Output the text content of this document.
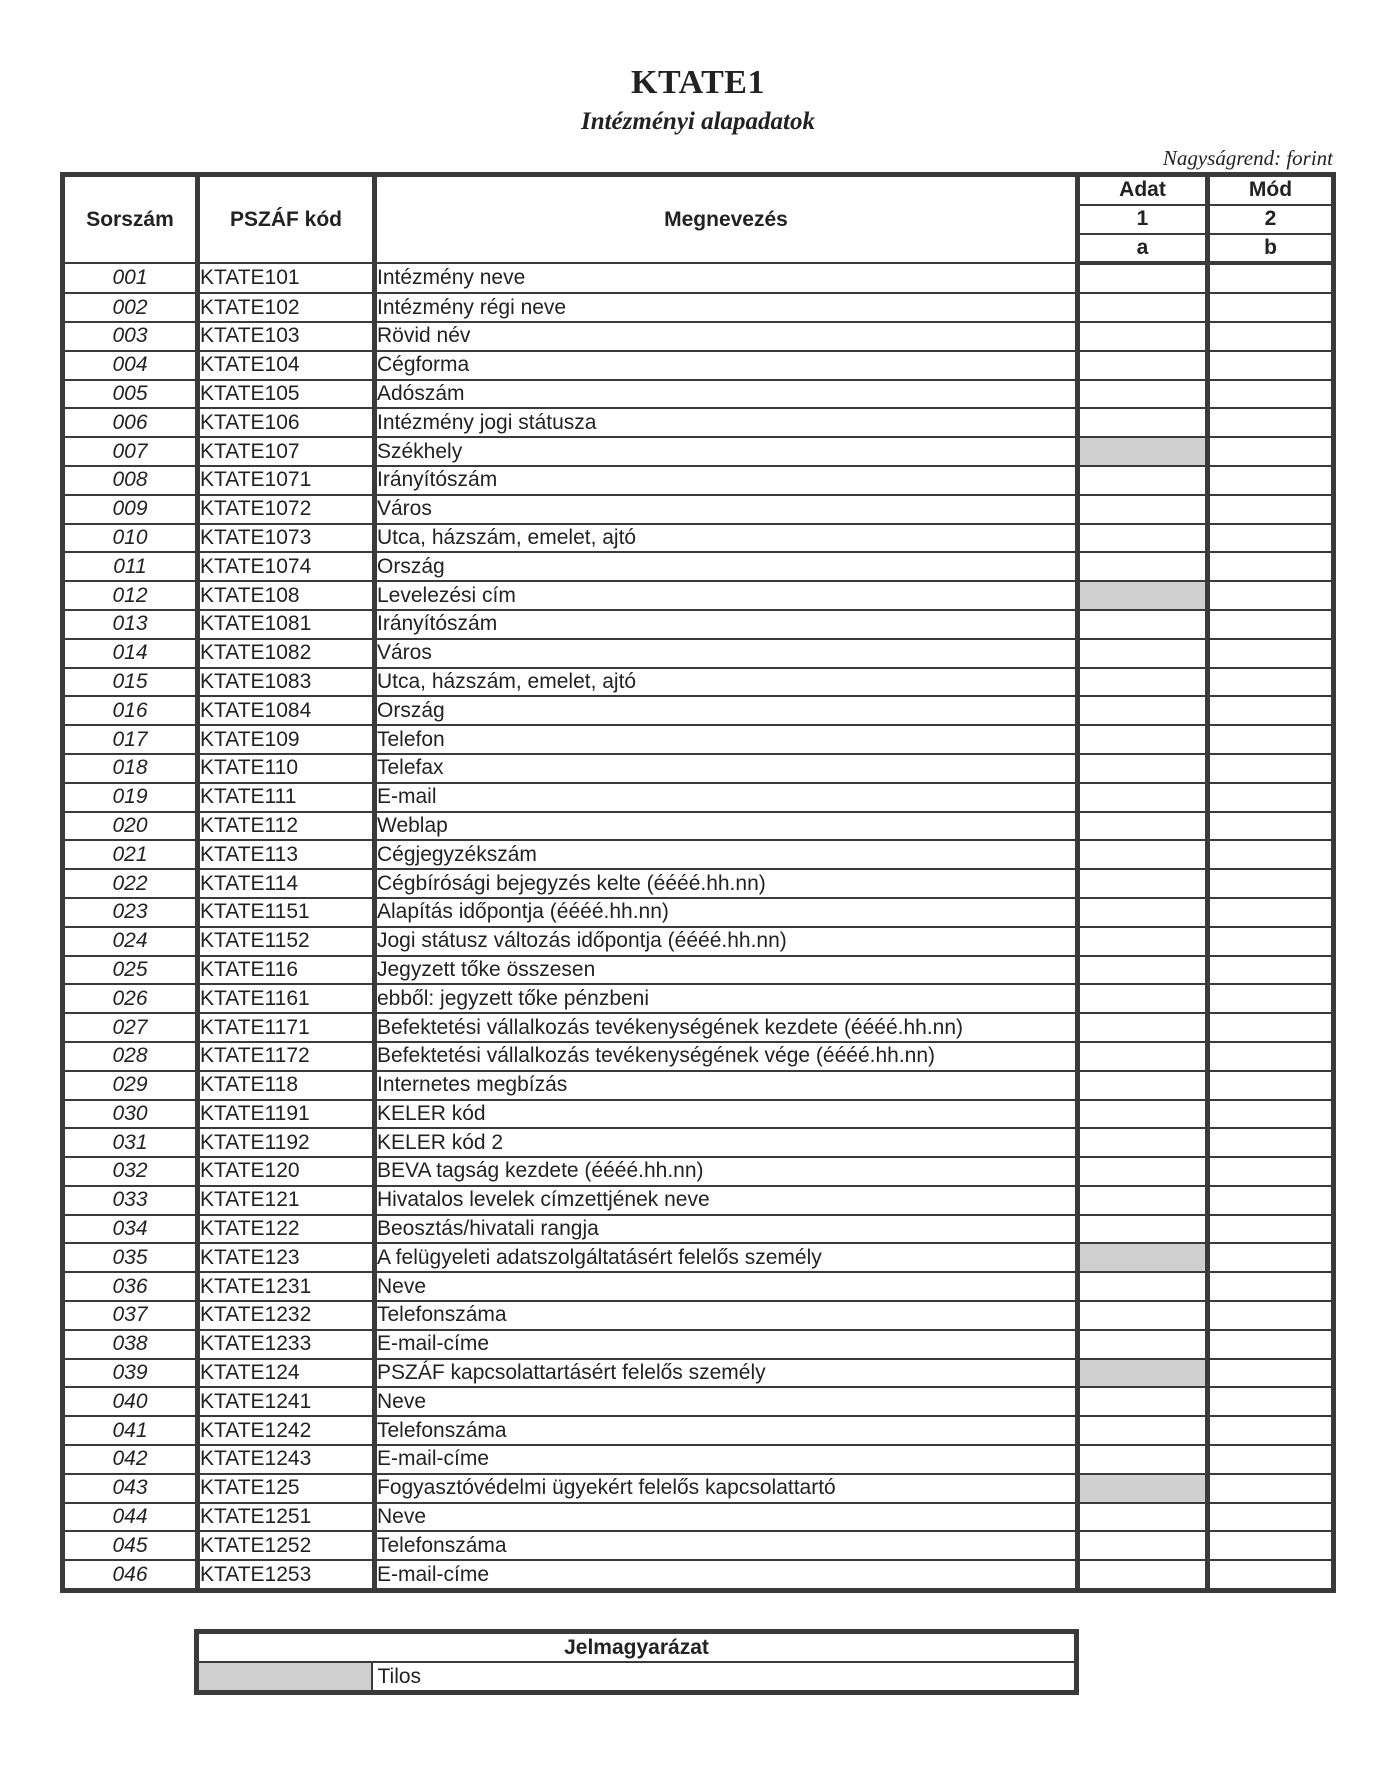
KTATE1
Intézményi alapadatok
Nagyságrend: forint
Sorszám	PSZÁF kód	Megnevezés	Adat	Mód
			1	2
			a	b
001	KTATE101	Intézmény neve		
002	KTATE102	Intézmény régi neve		
003	KTATE103	Rövid név		
004	KTATE104	Cégforma		
005	KTATE105	Adószám		
006	KTATE106	Intézmény jogi státusza		
007	KTATE107	Székhely		
008	KTATE1071	Irányítószám		
009	KTATE1072	Város		
010	KTATE1073	Utca, házszám, emelet, ajtó		
011	KTATE1074	Ország		
012	KTATE108	Levelezési cím		
013	KTATE1081	Irányítószám		
014	KTATE1082	Város		
015	KTATE1083	Utca, házszám, emelet, ajtó		
016	KTATE1084	Ország		
017	KTATE109	Telefon		
018	KTATE110	Telefax		
019	KTATE111	E-mail		
020	KTATE112	Weblap		
021	KTATE113	Cégjegyzékszám		
022	KTATE114	Cégbírósági bejegyzés kelte (éééé.hh.nn)		
023	KTATE1151	Alapítás időpontja (éééé.hh.nn)		
024	KTATE1152	Jogi státusz változás időpontja (éééé.hh.nn)		
025	KTATE116	Jegyzett tőke összesen		
026	KTATE1161	ebből: jegyzett tőke pénzbeni		
027	KTATE1171	Befektetési vállalkozás tevékenységének kezdete (éééé.hh.nn)		
028	KTATE1172	Befektetési vállalkozás tevékenységének vége (éééé.hh.nn)		
029	KTATE118	Internetes megbízás		
030	KTATE1191	KELER kód		
031	KTATE1192	KELER kód 2		
032	KTATE120	BEVA tagság kezdete (éééé.hh.nn)		
033	KTATE121	Hivatalos levelek címzettjének neve		
034	KTATE122	Beosztás/hivatali rangja		
035	KTATE123	A felügyeleti adatszolgáltatásért felelős személy		
036	KTATE1231	Neve		
037	KTATE1232	Telefonszáma		
038	KTATE1233	E-mail-címe		
039	KTATE124	PSZÁF kapcsolattartásért felelős személy		
040	KTATE1241	Neve		
041	KTATE1242	Telefonszáma		
042	KTATE1243	E-mail-címe		
043	KTATE125	Fogyasztóvédelmi ügyekért felelős kapcsolattartó		
044	KTATE1251	Neve		
045	KTATE1252	Telefonszáma		
046	KTATE1253	E-mail-címe		
Jelmagyarázat
	Tilos
